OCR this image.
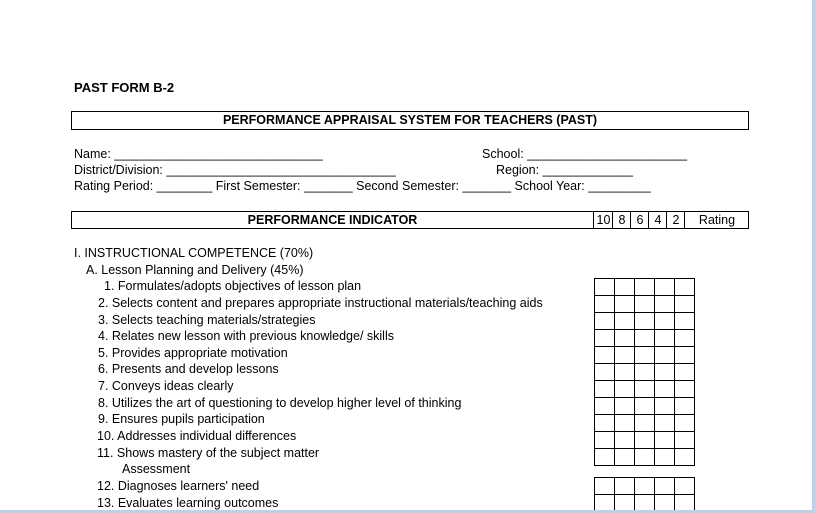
PAST FORM B-2
PERFORMANCE APPRAISAL SYSTEM FOR TEACHERS (PAST)
Name: ______________________________	School: _______________________
District/Division: _________________________________	Region: _____________
Rating Period: ________ First Semester: _______ Second Semester: _______ School Year: _________
PERFORMANCE INDICATOR	10 8 6 4 2	Rating
I. INSTRUCTIONAL COMPETENCE (70%)
A. Lesson Planning and Delivery (45%)
1. Formulates/adopts objectives of lesson plan
2. Selects content and prepares appropriate instructional materials/teaching aids
3. Selects teaching materials/strategies
4. Relates new lesson with previous knowledge/ skills
5. Provides appropriate motivation
6. Presents and develop lessons
7. Conveys ideas clearly
8. Utilizes the art of questioning to develop higher level of thinking
9. Ensures pupils participation
10. Addresses individual differences
11. Shows mastery of the subject matter
Assessment
12. Diagnoses learners' need
13. Evaluates learning outcomes
